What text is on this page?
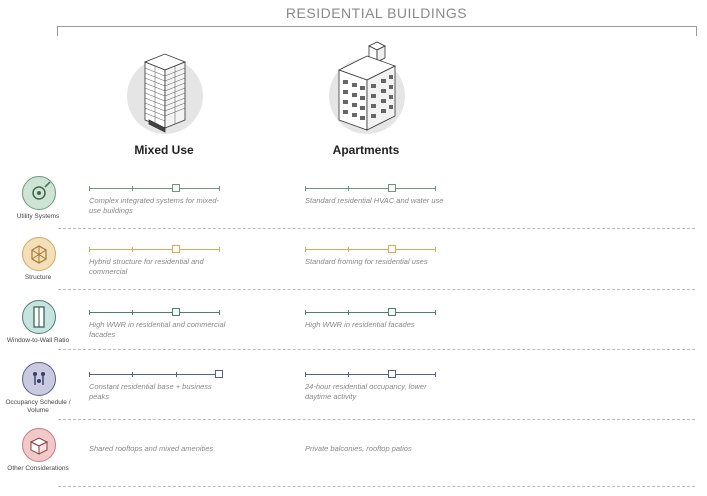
RESIDENTIAL BUILDINGS
Mixed Use	Apartments
Utility Systems
Complex integrated systems for mixed-use buildings
Standard residential HVAC and water use
Structure
Hybrid structure for residential and commercial
Standard froming for residential uses
Window-to-Wall Ratio
High WWR in residential and commercial facades
High WWR in residential facades
Occupancy Schedule / Volume
Constant residential base + business peaks
24-hour residential occupancy, lower daytime activity
Other Considerations
Shared rooftops and mixed amenities	Private balconies, rooftop patios
